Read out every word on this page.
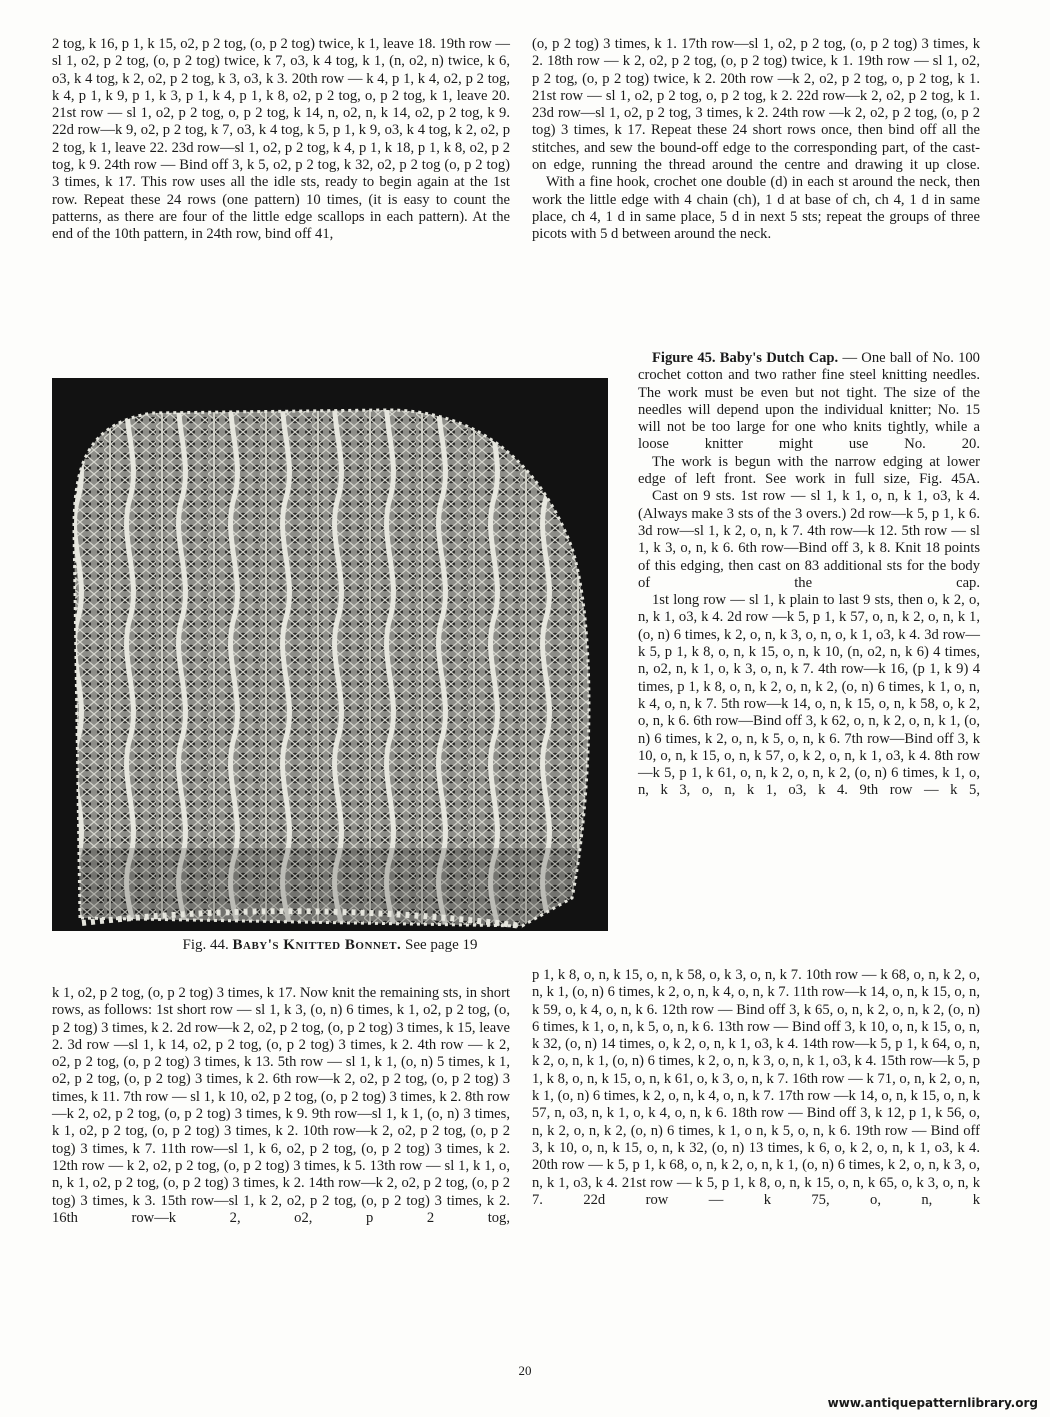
2 tog, k 16, p 1, k 15, o2, p 2 tog, (o, p 2 tog) twice, k 1, leave 18. 19th row — sl 1, o2, p 2 tog, (o, p 2 tog) twice, k 7, o3, k 4 tog, k 1, (n, o2, n) twice, k 6, o3, k 4 tog, k 2, o2, p 2 tog, k 3, o3, k 3. 20th row — k 4, p 1, k 4, o2, p 2 tog, k 4, p 1, k 9, p 1, k 3, p 1, k 4, p 1, k 8, o2, p 2 tog, o, p 2 tog, k 1, leave 20. 21st row — sl 1, o2, p 2 tog, o, p 2 tog, k 14, n, o2, n, k 14, o2, p 2 tog, k 9. 22d row—k 9, o2, p 2 tog, k 7, o3, k 4 tog, k 5, p 1, k 9, o3, k 4 tog, k 2, o2, p 2 tog, k 1, leave 22. 23d row—sl 1, o2, p 2 tog, k 4, p 1, k 18, p 1, k 8, o2, p 2 tog, k 9. 24th row — Bind off 3, k 5, o2, p 2 tog, k 32, o2, p 2 tog (o, p 2 tog) 3 times, k 17. This row uses all the idle sts, ready to begin again at the 1st row. Repeat these 24 rows (one pattern) 10 times, (it is easy to count the patterns, as there are four of the little edge scallops in each pattern). At the end of the 10th pattern, in 24th row, bind off 41,

(o, p 2 tog) 3 times, k 1. 17th row—sl 1, o2, p 2 tog, (o, p 2 tog) 3 times, k 2. 18th row — k 2, o2, p 2 tog, (o, p 2 tog) twice, k 1. 19th row — sl 1, o2, p 2 tog, (o, p 2 tog) twice, k 2. 20th row —k 2, o2, p 2 tog, o, p 2 tog, k 1. 21st row — sl 1, o2, p 2 tog, o, p 2 tog, k 2. 22d row—k 2, o2, p 2 tog, k 1. 23d row—sl 1, o2, p 2 tog, 3 times, k 2. 24th row —k 2, o2, p 2 tog, (o, p 2 tog) 3 times, k 17. Repeat these 24 short rows once, then bind off all the stitches, and sew the bound-off edge to the corresponding part, of the cast-on edge, running the thread around the centre and drawing it up close.

With a fine hook, crochet one double (d) in each st around the neck, then work the little edge with 4 chain (ch), 1 d at base of ch, ch 4, 1 d in same place, ch 4, 1 d in same place, 5 d in next 5 sts; repeat the groups of three picots with 5 d between around the neck.

Fig. 44. Baby's Knitted Bonnet. See page 19

Figure 45. Baby's Dutch Cap. — One ball of No. 100 crochet cotton and two rather fine steel knitting needles. The work must be even but not tight. The size of the needles will depend upon the individual knitter; No. 15 will not be too large for one who knits tightly, while a loose knitter might use No. 20.

The work is begun with the narrow edging at lower edge of left front. See work in full size, Fig. 45A.

Cast on 9 sts. 1st row — sl 1, k 1, o, n, k 1, o3, k 4. (Always make 3 sts of the 3 overs.) 2d row—k 5, p 1, k 6. 3d row—sl 1, k 2, o, n, k 7. 4th row—k 12. 5th row — sl 1, k 3, o, n, k 6. 6th row—Bind off 3, k 8. Knit 18 points of this edging, then cast on 83 additional sts for the body of the cap.

1st long row — sl 1, k plain to last 9 sts, then o, k 2, o, n, k 1, o3, k 4. 2d row —k 5, p 1, k 57, o, n, k 2, o, n, k 1, (o, n) 6 times, k 2, o, n, k 3, o, n, o, k 1, o3, k 4. 3d row—k 5, p 1, k 8, o, n, k 15, o, n, k 10, (n, o2, n, k 6) 4 times, n, o2, n, k 1, o, k 3, o, n, k 7. 4th row—k 16, (p 1, k 9) 4 times, p 1, k 8, o, n, k 2, o, n, k 2, (o, n) 6 times, k 1, o, n, k 4, o, n, k 7. 5th row—k 14, o, n, k 15, o, n, k 58, o, k 2, o, n, k 6. 6th row—Bind off 3, k 62, o, n, k 2, o, n, k 1, (o, n) 6 times, k 2, o, n, k 5, o, n, k 6. 7th row—Bind off 3, k 10, o, n, k 15, o, n, k 57, o, k 2, o, n, k 1, o3, k 4. 8th row—k 5, p 1, k 61, o, n, k 2, o, n, k 2, (o, n) 6 times, k 1, o, n, k 3, o, n, k 1, o3, k 4. 9th row — k 5,

k 1, o2, p 2 tog, (o, p 2 tog) 3 times, k 17. Now knit the remaining sts, in short rows, as follows: 1st short row — sl 1, k 3, (o, n) 6 times, k 1, o2, p 2 tog, (o, p 2 tog) 3 times, k 2. 2d row—k 2, o2, p 2 tog, (o, p 2 tog) 3 times, k 15, leave 2. 3d row —sl 1, k 14, o2, p 2 tog, (o, p 2 tog) 3 times, k 2. 4th row — k 2, o2, p 2 tog, (o, p 2 tog) 3 times, k 13. 5th row — sl 1, k 1, (o, n) 5 times, k 1, o2, p 2 tog, (o, p 2 tog) 3 times, k 2. 6th row—k 2, o2, p 2 tog, (o, p 2 tog) 3 times, k 11. 7th row — sl 1, k 10, o2, p 2 tog, (o, p 2 tog) 3 times, k 2. 8th row—k 2, o2, p 2 tog, (o, p 2 tog) 3 times, k 9. 9th row—sl 1, k 1, (o, n) 3 times, k 1, o2, p 2 tog, (o, p 2 tog) 3 times, k 2. 10th row—k 2, o2, p 2 tog, (o, p 2 tog) 3 times, k 7. 11th row—sl 1, k 6, o2, p 2 tog, (o, p 2 tog) 3 times, k 2. 12th row — k 2, o2, p 2 tog, (o, p 2 tog) 3 times, k 5. 13th row — sl 1, k 1, o, n, k 1, o2, p 2 tog, (o, p 2 tog) 3 times, k 2. 14th row—k 2, o2, p 2 tog, (o, p 2 tog) 3 times, k 3. 15th row—sl 1, k 2, o2, p 2 tog, (o, p 2 tog) 3 times, k 2. 16th row—k 2, o2, p 2 tog,

p 1, k 8, o, n, k 15, o, n, k 58, o, k 3, o, n, k 7. 10th row — k 68, o, n, k 2, o, n, k 1, (o, n) 6 times, k 2, o, n, k 4, o, n, k 7. 11th row—k 14, o, n, k 15, o, n, k 59, o, k 4, o, n, k 6. 12th row — Bind off 3, k 65, o, n, k 2, o, n, k 2, (o, n) 6 times, k 1, o, n, k 5, o, n, k 6. 13th row — Bind off 3, k 10, o, n, k 15, o, n, k 32, (o, n) 14 times, o, k 2, o, n, k 1, o3, k 4. 14th row—k 5, p 1, k 64, o, n, k 2, o, n, k 1, (o, n) 6 times, k 2, o, n, k 3, o, n, k 1, o3, k 4. 15th row—k 5, p 1, k 8, o, n, k 15, o, n, k 61, o, k 3, o, n, k 7. 16th row — k 71, o, n, k 2, o, n, k 1, (o, n) 6 times, k 2, o, n, k 4, o, n, k 7. 17th row —k 14, o, n, k 15, o, n, k 57, n, o3, n, k 1, o, k 4, o, n, k 6. 18th row — Bind off 3, k 12, p 1, k 56, o, n, k 2, o, n, k 2, (o, n) 6 times, k 1, o n, k 5, o, n, k 6. 19th row — Bind off 3, k 10, o, n, k 15, o, n, k 32, (o, n) 13 times, k 6, o, k 2, o, n, k 1, o3, k 4. 20th row — k 5, p 1, k 68, o, n, k 2, o, n, k 1, (o, n) 6 times, k 2, o, n, k 3, o, n, k 1, o3, k 4. 21st row — k 5, p 1, k 8, o, n, k 15, o, n, k 65, o, k 3, o, n, k 7. 22d row — k 75, o, n, k

20
www.antiquepatternlibrary.org
